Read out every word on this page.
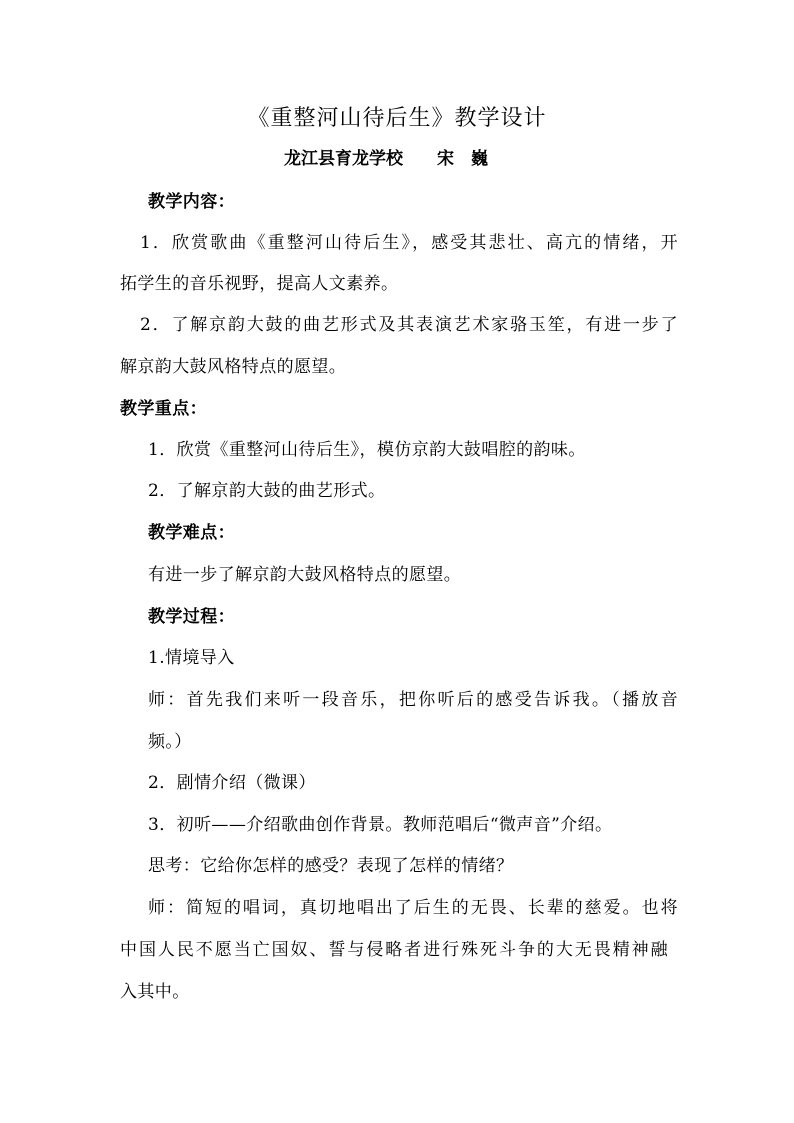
《重整河山待后生》教学设计
龙江县育龙学校　　宋　巍
教学内容：
1．欣赏歌曲《重整河山待后生》，感受其悲壮、高亢的情绪，开
拓学生的音乐视野，提高人文素养。
2．了解京韵大鼓的曲艺形式及其表演艺术家骆玉笙，有进一步了
解京韵大鼓风格特点的愿望。
教学重点：
1．欣赏《重整河山待后生》，模仿京韵大鼓唱腔的韵味。
2．了解京韵大鼓的曲艺形式。
教学难点：
有进一步了解京韵大鼓风格特点的愿望。
教学过程：
1.情境导入
师：首先我们来听一段音乐，把你听后的感受告诉我。（播放音
频。）
2．剧情介绍（微课）
3．初听——介绍歌曲创作背景。教师范唱后“微声音”介绍。
思考：它给你怎样的感受？表现了怎样的情绪？
师：简短的唱词，真切地唱出了后生的无畏、长辈的慈爱。也将
中国人民不愿当亡国奴、誓与侵略者进行殊死斗争的大无畏精神融
入其中。
